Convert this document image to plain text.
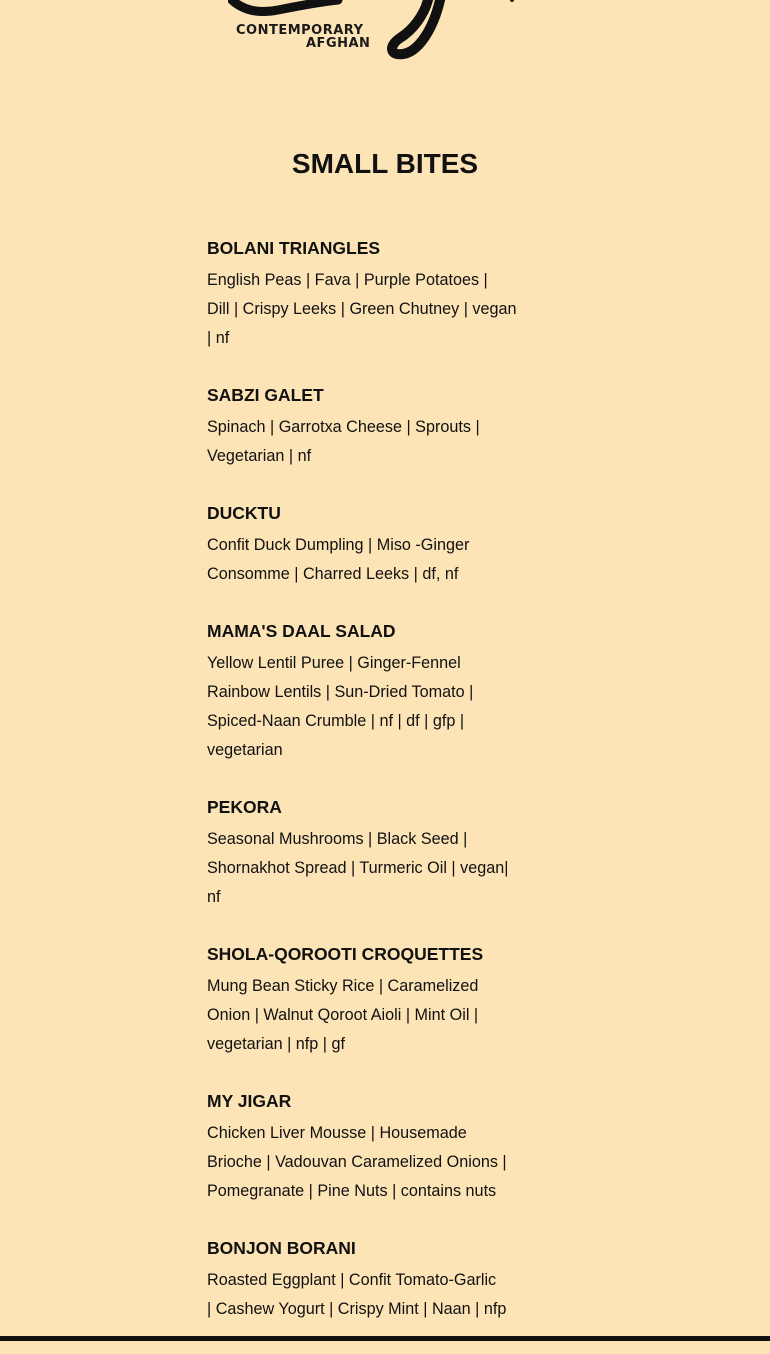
CONTEMPORARY
AFGHAN
SMALL BITES
BOLANI TRIANGLES
English Peas | Fava | Purple Potatoes |
Dill | Crispy Leeks | Green Chutney | vegan
| nf
SABZI GALET
Spinach | Garrotxa Cheese | Sprouts |
Vegetarian | nf
DUCKTU
Confit Duck Dumpling | Miso -Ginger
Consomme | Charred Leeks | df, nf
MAMA'S DAAL SALAD
Yellow Lentil Puree | Ginger-Fennel
Rainbow Lentils | Sun-Dried Tomato |
Spiced-Naan Crumble | nf | df | gfp |
vegetarian
PEKORA
Seasonal Mushrooms | Black Seed |
Shornakhot Spread | Turmeric Oil | vegan|
nf
SHOLA-QOROOTI CROQUETTES
Mung Bean Sticky Rice | Caramelized
Onion | Walnut Qoroot Aioli | Mint Oil |
vegetarian | nfp | gf
MY JIGAR
Chicken Liver Mousse | Housemade
Brioche | Vadouvan Caramelized Onions |
Pomegranate | Pine Nuts | contains nuts
BONJON BORANI
Roasted Eggplant | Confit Tomato-Garlic
| Cashew Yogurt | Crispy Mint | Naan | nfp
